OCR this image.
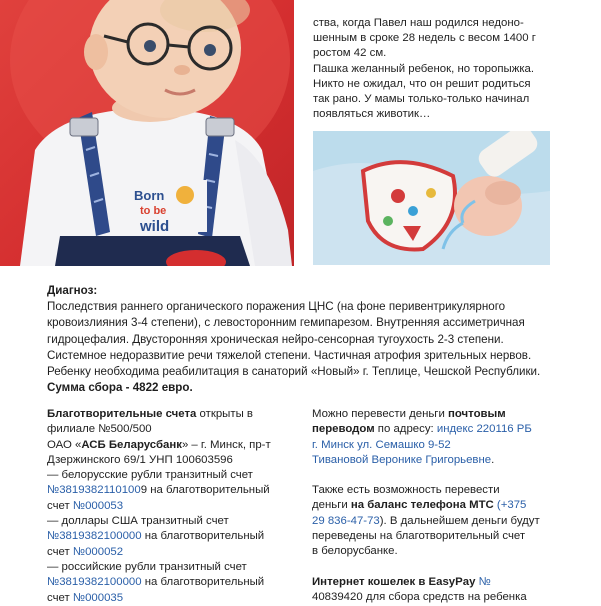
Born
to be
wild
ства, когда Павел наш родился недоно-
шенным в сроке 28 недель с весом 1400 г
ростом 42 см.
Пашка желанный ребенок, но торопыжка.
Никто не ожидал, что он решит родиться
так рано. У мамы только-только начинал
появляться животик…
Диагноз:
Последствия раннего органического поражения ЦНС (на фоне перивентрикулярного
кровоизлияния 3-4 степени), с левосторонним гемипарезом. Внутренняя ассиметричная
гидроцефалия. Двусторонняя хроническая нейро-сенсорная тугоухость 2-3 степени.
Системное недоразвитие речи тяжелой степени. Частичная атрофия зрительных нервов.
Ребенку необходима реабилитация в санаторий «Новый» г. Теплице, Чешской Республики.
Сумма сбора - 4822 евро.
Благотворительные счета открыты в
филиале №500/500
ОАО «АСБ Беларусбанк» – г. Минск, пр-т
Дзержинского 69/1 УНП 100603596
— белорусские рубли транзитный счет
№38193821101009 на благотворительный
счет №000053
— доллары США транзитный счет
№3819382100000 на благотворительный
счет №000052
— российские рубли транзитный счет
№3819382100000 на благотворительный
счет №000035
Можно перевести деньги почтовым
переводом по адресу: индекс 220116 РБ
г. Минск ул. Семашко 9-52
Тивановой Веронике Григорьевне.
Также есть возможность перевести
деньги на баланс телефона МТС (+375
29 836-47-73). В дальнейшем деньги будут
переведены на благотворительный счет
в белорусбанке.
Интернет кошелек в EasyPay №
40839420 для сбора средств на ребенка
